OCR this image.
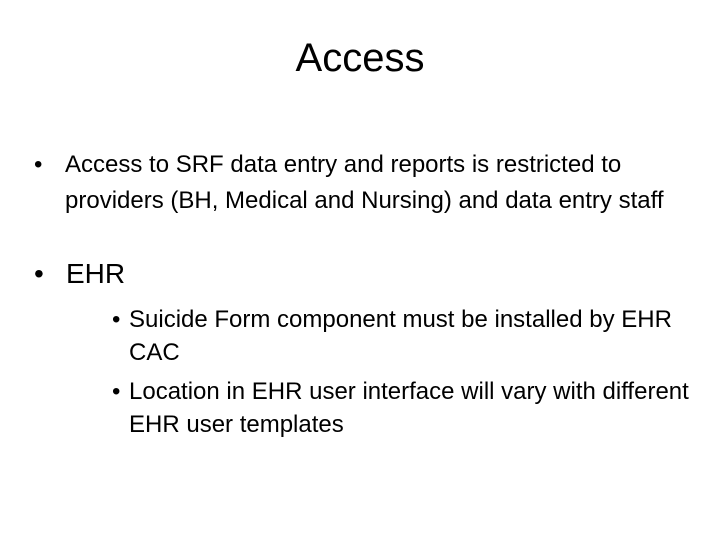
Access
• Access to SRF data entry and reports is restricted to providers (BH, Medical and Nursing) and data entry staff
• EHR
• Suicide Form component must be installed by EHR CAC
• Location in EHR user interface will vary with different EHR user templates
